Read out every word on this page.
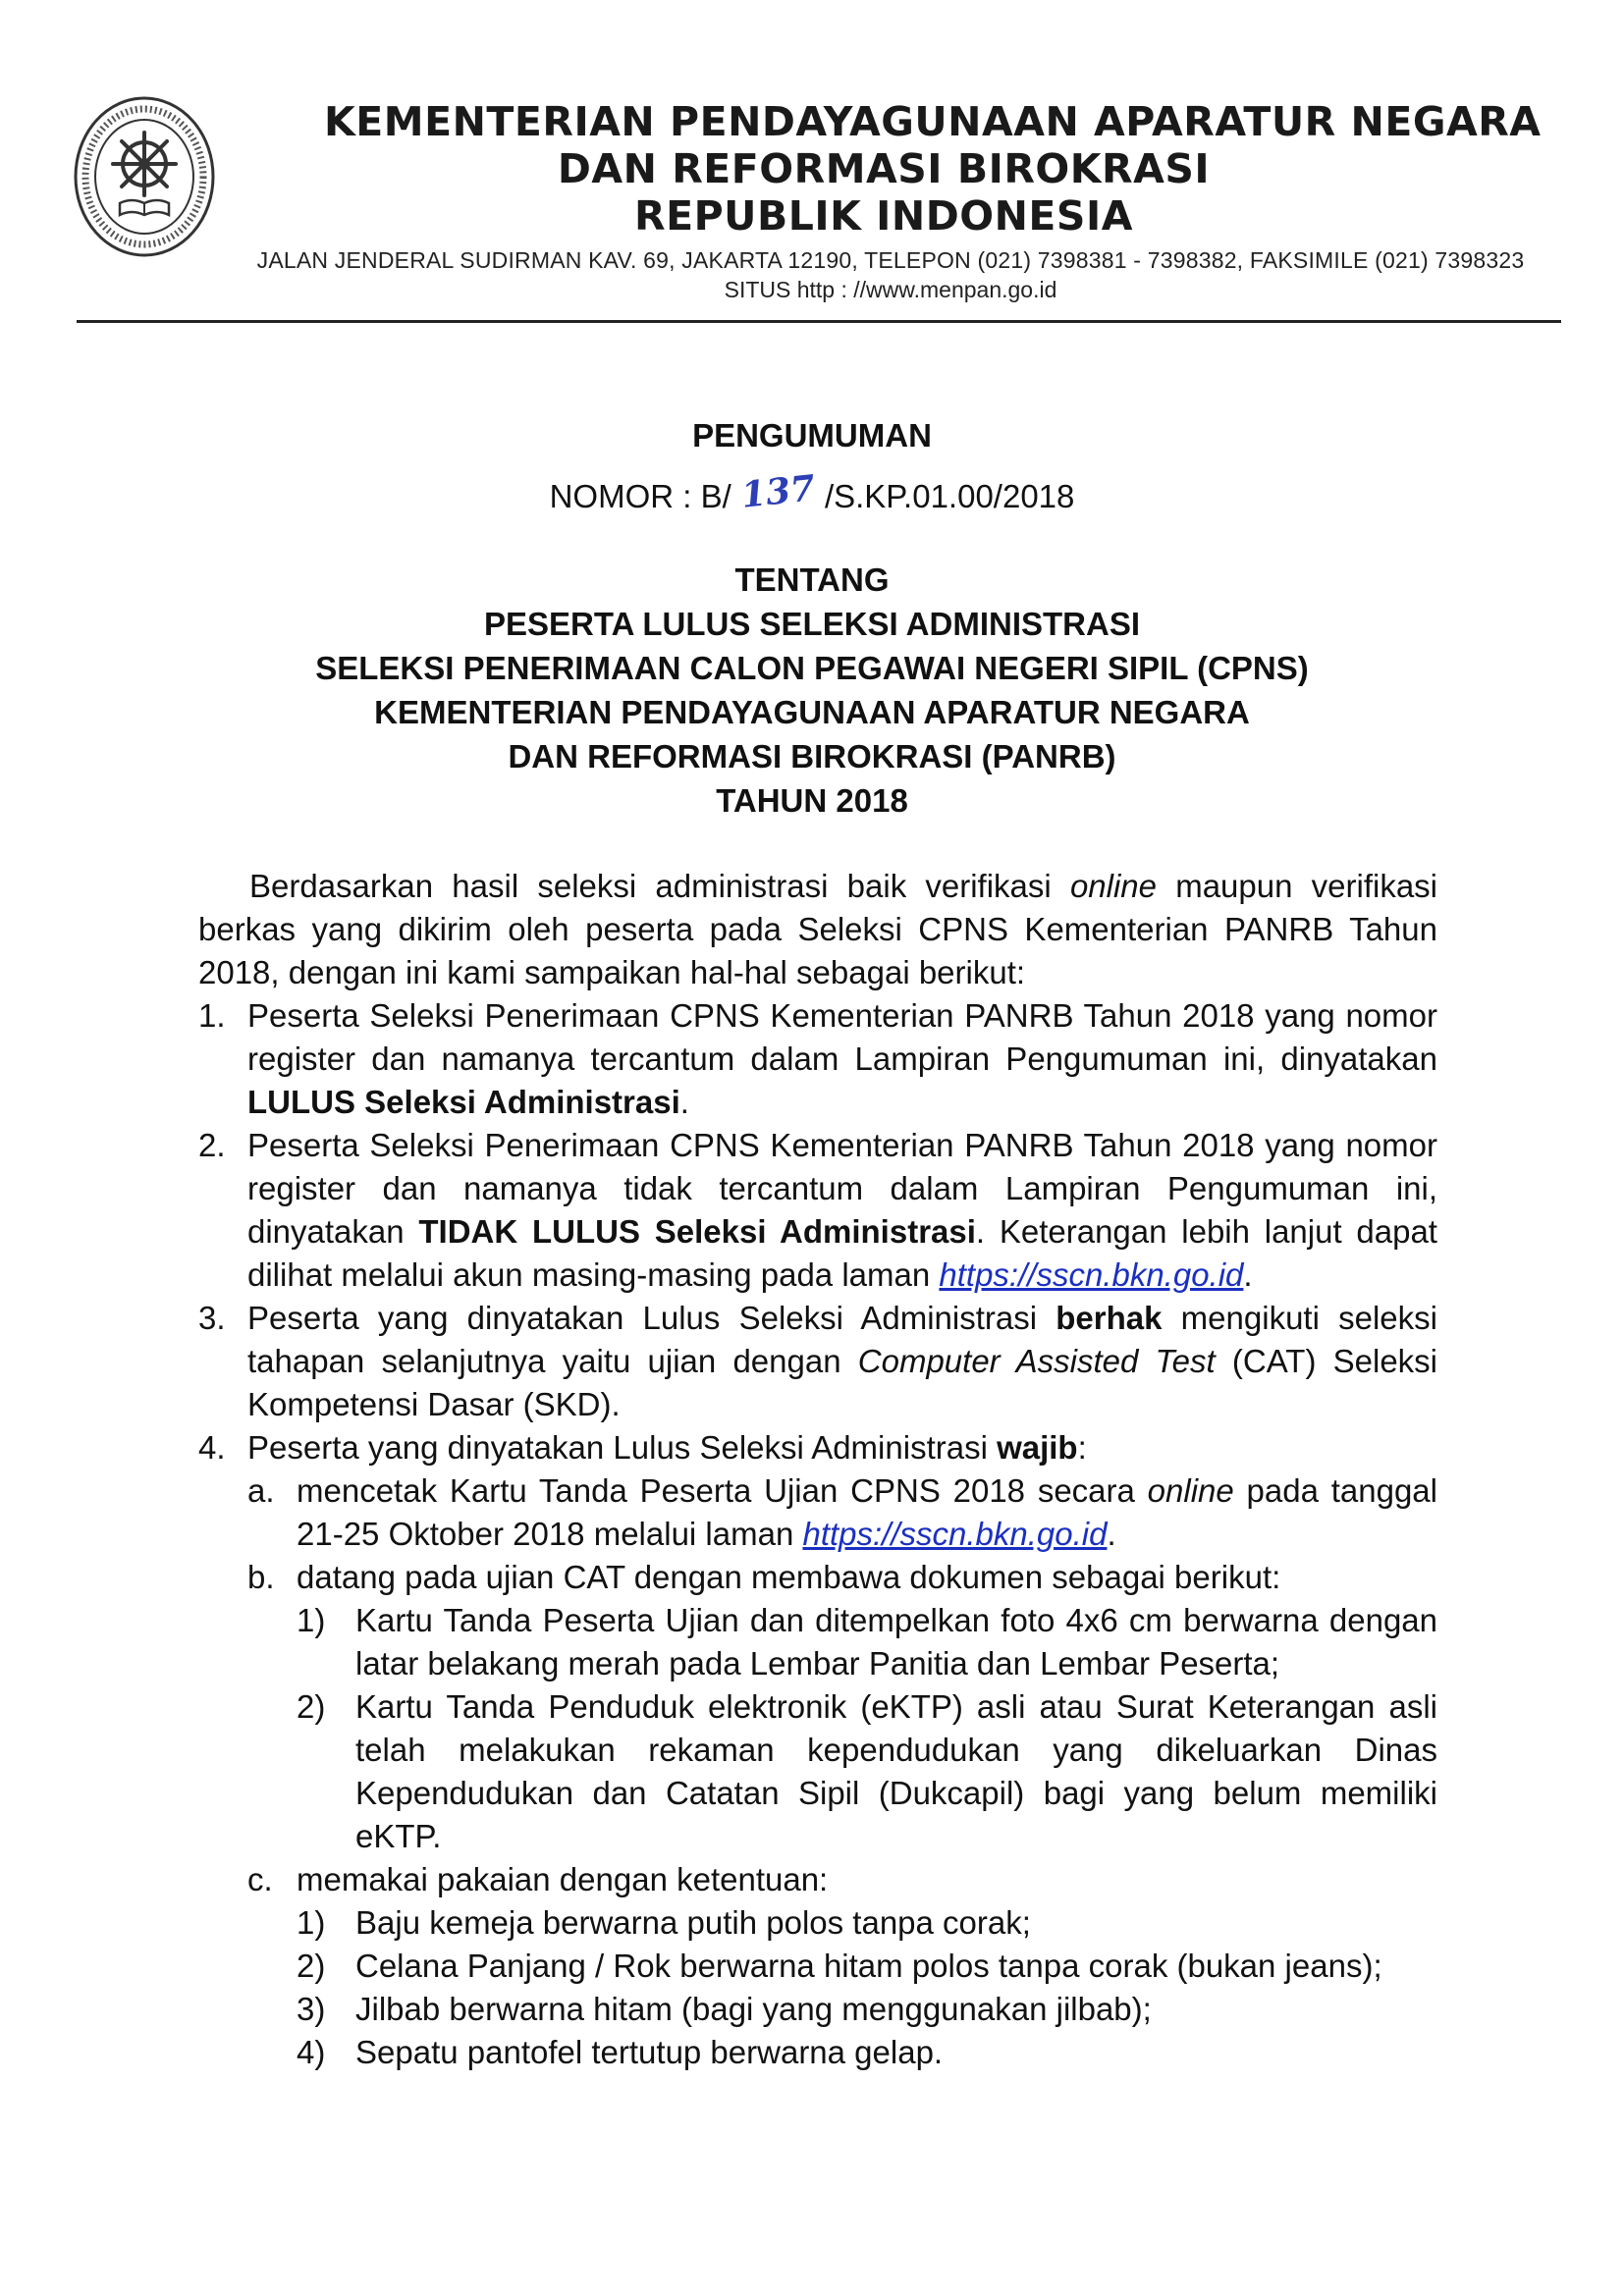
KEMENTERIAN PENDAYAGUNAAN APARATUR NEGARA
DAN REFORMASI BIROKRASI
REPUBLIK INDONESIA
JALAN JENDERAL SUDIRMAN KAV. 69, JAKARTA 12190, TELEPON (021) 7398381 - 7398382, FAKSIMILE (021) 7398323
SITUS http : //www.menpan.go.id
PENGUMUMAN
NOMOR : B/ 137 /S.KP.01.00/2018
TENTANG
PESERTA LULUS SELEKSI ADMINISTRASI
SELEKSI PENERIMAAN CALON PEGAWAI NEGERI SIPIL (CPNS)
KEMENTERIAN PENDAYAGUNAAN APARATUR NEGARA
DAN REFORMASI BIROKRASI (PANRB)
TAHUN 2018
Berdasarkan hasil seleksi administrasi baik verifikasi online maupun verifikasi berkas yang dikirim oleh peserta pada Seleksi CPNS Kementerian PANRB Tahun 2018, dengan ini kami sampaikan hal-hal sebagai berikut:
1. Peserta Seleksi Penerimaan CPNS Kementerian PANRB Tahun 2018 yang nomor register dan namanya tercantum dalam Lampiran Pengumuman ini, dinyatakan LULUS Seleksi Administrasi.
2. Peserta Seleksi Penerimaan CPNS Kementerian PANRB Tahun 2018 yang nomor register dan namanya tidak tercantum dalam Lampiran Pengumuman ini, dinyatakan TIDAK LULUS Seleksi Administrasi. Keterangan lebih lanjut dapat dilihat melalui akun masing-masing pada laman https://sscn.bkn.go.id.
3. Peserta yang dinyatakan Lulus Seleksi Administrasi berhak mengikuti seleksi tahapan selanjutnya yaitu ujian dengan Computer Assisted Test (CAT) Seleksi Kompetensi Dasar (SKD).
4. Peserta yang dinyatakan Lulus Seleksi Administrasi wajib:
a. mencetak Kartu Tanda Peserta Ujian CPNS 2018 secara online pada tanggal 21-25 Oktober 2018 melalui laman https://sscn.bkn.go.id.
b. datang pada ujian CAT dengan membawa dokumen sebagai berikut:
1) Kartu Tanda Peserta Ujian dan ditempelkan foto 4x6 cm berwarna dengan latar belakang merah pada Lembar Panitia dan Lembar Peserta;
2) Kartu Tanda Penduduk elektronik (eKTP) asli atau Surat Keterangan asli telah melakukan rekaman kependudukan yang dikeluarkan Dinas Kependudukan dan Catatan Sipil (Dukcapil) bagi yang belum memiliki eKTP.
c. memakai pakaian dengan ketentuan:
1) Baju kemeja berwarna putih polos tanpa corak;
2) Celana Panjang / Rok berwarna hitam polos tanpa corak (bukan jeans);
3) Jilbab berwarna hitam (bagi yang menggunakan jilbab);
4) Sepatu pantofel tertutup berwarna gelap.
